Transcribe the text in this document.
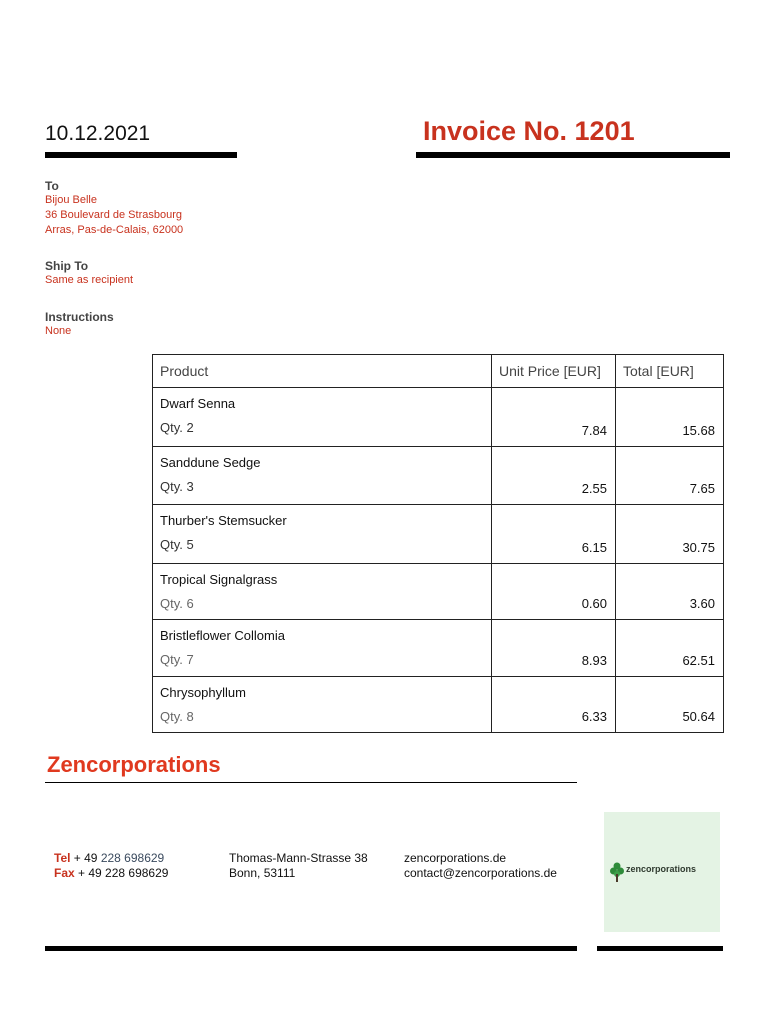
10.12.2021	Invoice No. 1201
To
Bijou Belle
36 Boulevard de Strasbourg
Arras, Pas-de-Calais, 62000
Ship To
Same as recipient
Instructions
None
Product	Unit Price [EUR]	Total [EUR]

Dwarf Senna
Qty. 2	7.84	15.68

Sanddune Sedge
Qty. 3	2.55	7.65

Thurber's Stemsucker
Qty. 5	6.15	30.75

Tropical Signalgrass
Qty. 6	0.60	3.60

Bristleflower Collomia
Qty. 7	8.93	62.51

Chrysophyllum
Qty. 8	6.33	50.64
Zencorporations
Tel + 49 228 698629
Fax + 49 228 698629
Thomas-Mann-Strasse 38
Bonn, 53111
zencorporations.de
contact@zencorporations.de	zencorporations
